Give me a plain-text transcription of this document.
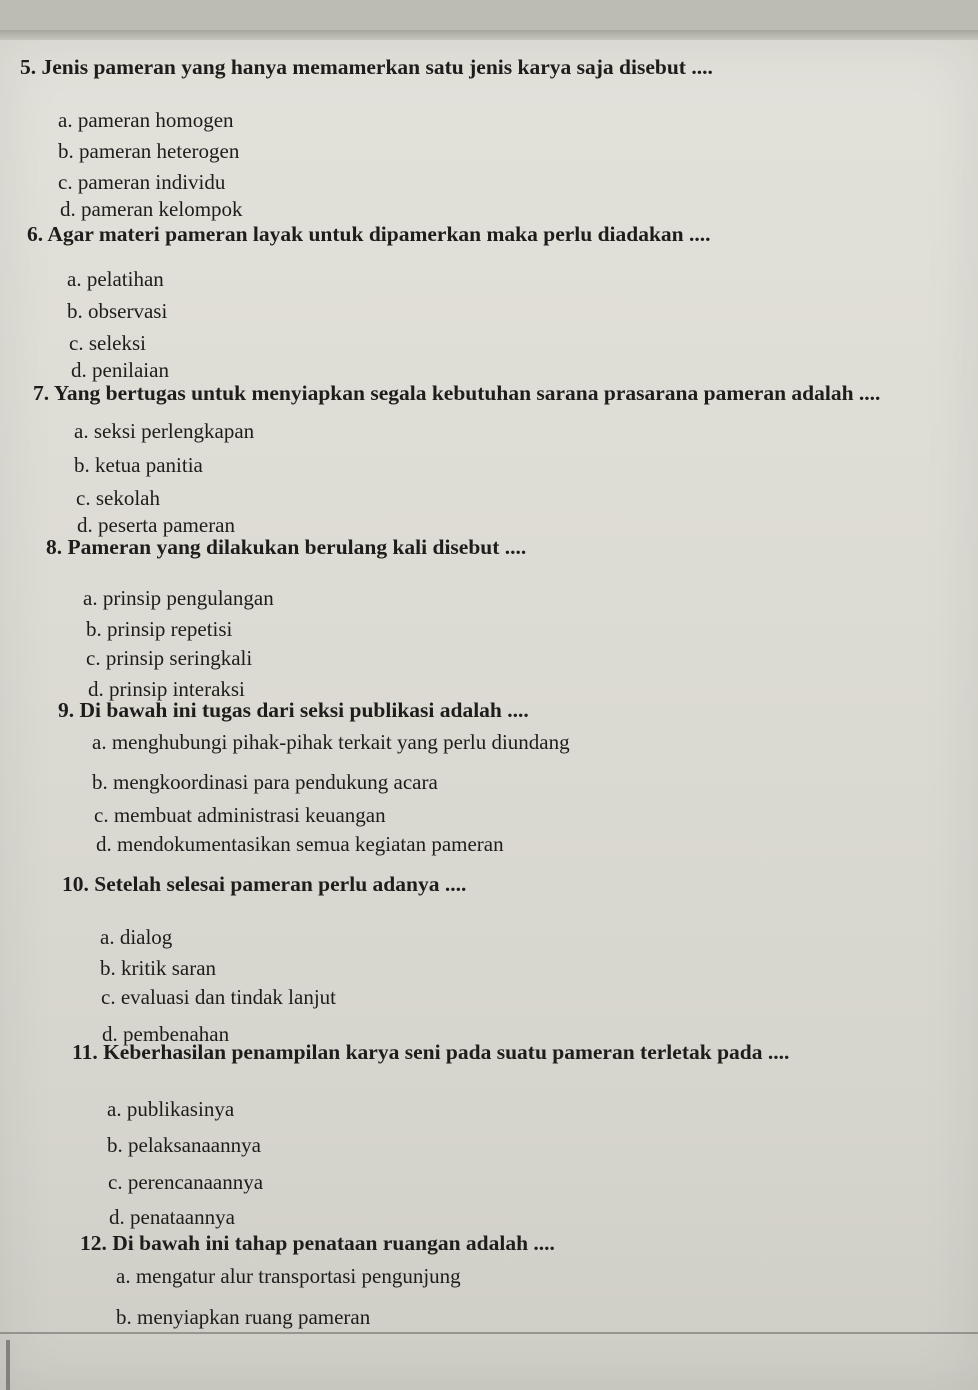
5. Jenis pameran yang hanya memamerkan satu jenis karya saja disebut ....
a. pameran homogen
b. pameran heterogen
c. pameran individu
d. pameran kelompok
6. Agar materi pameran layak untuk dipamerkan maka perlu diadakan ....
a. pelatihan
b. observasi
c. seleksi
d. penilaian
7. Yang bertugas untuk menyiapkan segala kebutuhan sarana prasarana pameran adalah ....
a. seksi perlengkapan
b. ketua panitia
c. sekolah
d. peserta pameran
8. Pameran yang dilakukan berulang kali disebut ....
a. prinsip pengulangan
b. prinsip repetisi
c. prinsip seringkali
d. prinsip interaksi
9. Di bawah ini tugas dari seksi publikasi adalah ....
a. menghubungi pihak-pihak terkait yang perlu diundang
b. mengkoordinasi para pendukung acara
c. membuat administrasi keuangan
d. mendokumentasikan semua kegiatan pameran
10. Setelah selesai pameran perlu adanya ....
a. dialog
b. kritik saran
c. evaluasi dan tindak lanjut
d. pembenahan
11. Keberhasilan penampilan karya seni pada suatu pameran terletak pada ....
a. publikasinya
b. pelaksanaannya
c. perencanaannya
d. penataannya
12. Di bawah ini tahap penataan ruangan adalah ....
a. mengatur alur transportasi pengunjung
b. menyiapkan ruang pameran
